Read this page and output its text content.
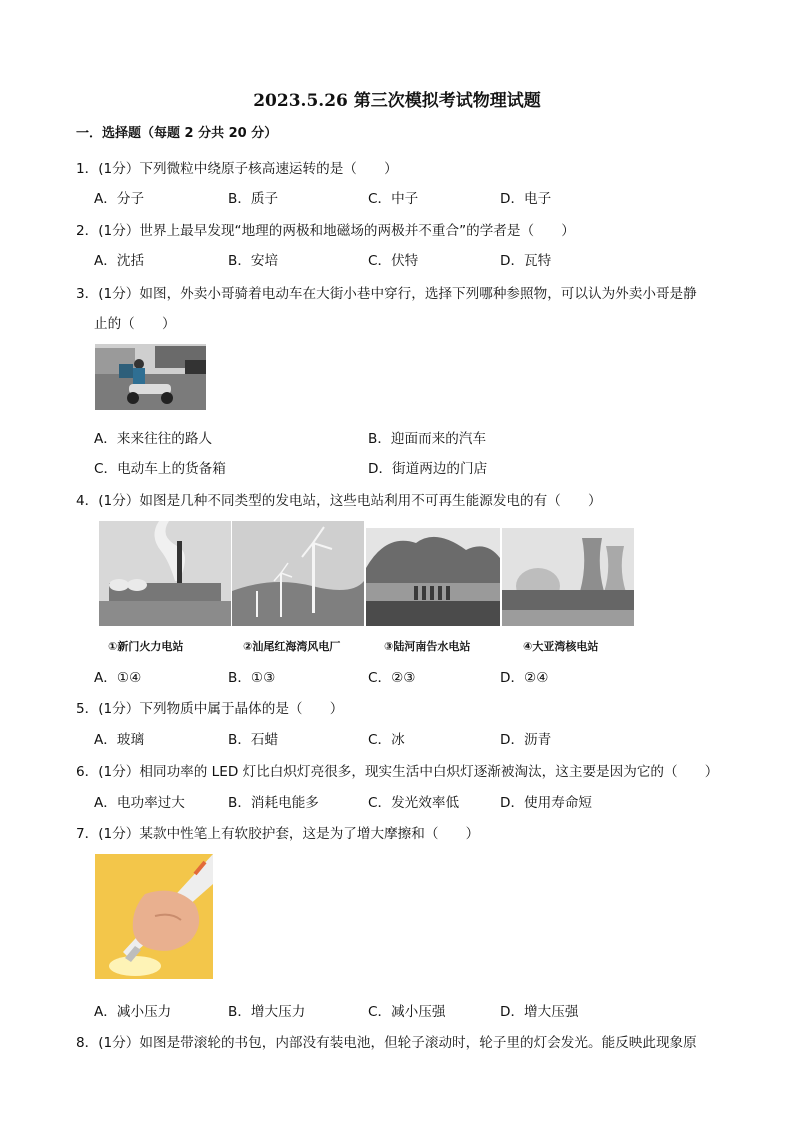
2023.5.26 第三次模拟考试物理试题
一．选择题（每题 2 分共 20 分）
1．(1分）下列微粒中绕原子核高速运转的是（　　）
A．分子	B．质子	C．中子	D．电子
2．(1分）世界上最早发现“地理的两极和地磁场的两极并不重合”的学者是（　　）
A．沈括	B．安培	C．伏特	D．瓦特
3．(1分）如图，外卖小哥骑着电动车在大街小巷中穿行，选择下列哪种参照物，可以认为外卖小哥是静
止的（　　）
A．来来往往的路人	B．迎面而来的汽车
C．电动车上的货备箱	D．街道两边的门店
4．(1分）如图是几种不同类型的发电站，这些电站利用不可再生能源发电的有（　　）
①新门火力电站	②汕尾红海湾风电厂	③陆河南告水电站	④大亚湾核电站
A．①④	B．①③	C．②③	D．②④
5．(1分）下列物质中属于晶体的是（　　）
A．玻璃	B．石蜡	C．冰	D．沥青
6．(1分）相同功率的 LED 灯比白炽灯亮很多，现实生活中白炽灯逐渐被淘汰，这主要是因为它的（　　）
A．电功率过大	B．消耗电能多	C．发光效率低	D．使用寿命短
7．(1分）某款中性笔上有软胶护套，这是为了增大摩擦和（　　）
A．减小压力	B．增大压力	C．减小压强	D．增大压强
8．(1分）如图是带滚轮的书包，内部没有装电池，但轮子滚动时，轮子里的灯会发光。能反映此现象原
